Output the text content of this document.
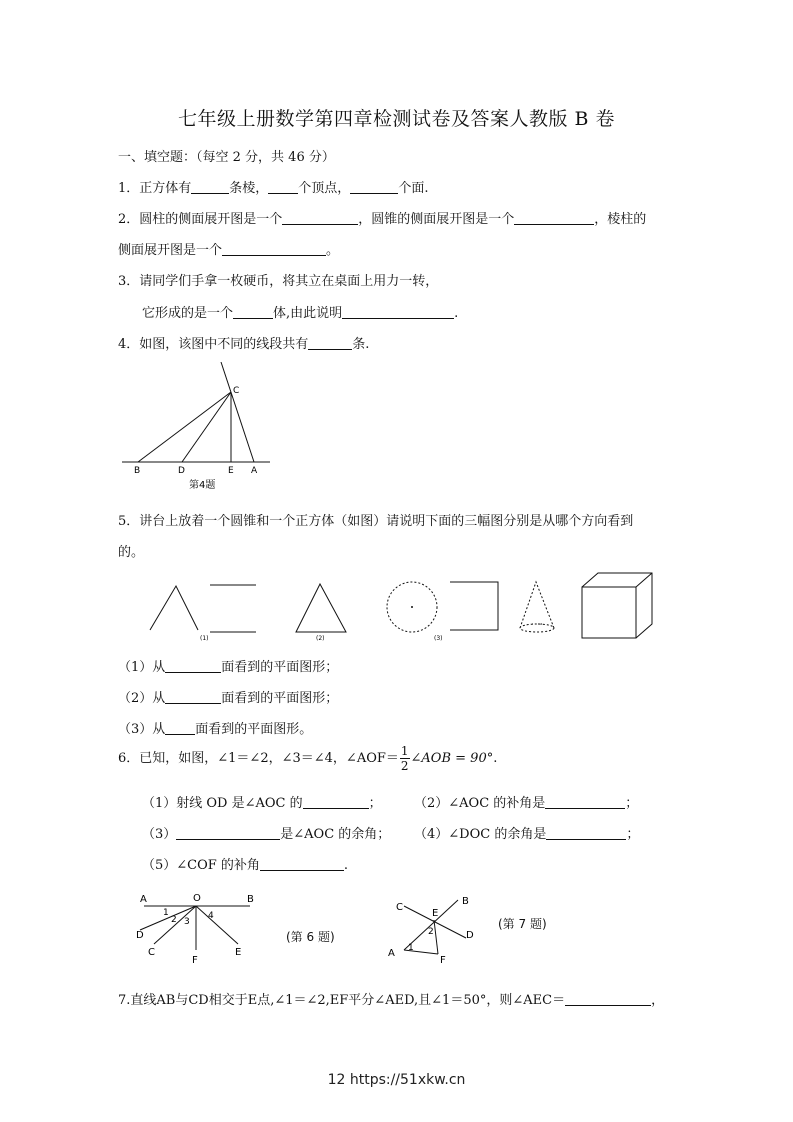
七年级上册数学第四章检测试卷及答案人教版 B 卷
一、填空题：（每空 2 分，共 46 分）
1．正方体有	条棱， 个顶点，	个面.
2．圆柱的侧面展开图是一个	，圆锥的侧面展开图是一个	，棱柱的
侧面展开图是一个	。
3．请同学们手拿一枚硬币，将其立在桌面上用力一转，
它形成的是一个	体,由此说明	.
4．如图，该图中不同的线段共有	条.
B	D	E A
C
第4题
5．讲台上放着一个圆锥和一个正方体（如图）请说明下面的三幅图分别是从哪个方向看到
的。
(1)	(2)	(3)
（1）从	面看到的平面图形；
（2）从	面看到的平面图形；
（3）从 面看到的平面图形。
6．已知，如图，∠1＝∠2，∠3＝∠4，∠AOF＝ $\frac{1}{2}$ ∠AOB = 90°.
（1）射线 OD 是∠AOC 的	； （2）∠AOC 的补角是	；
（3）	是∠AOC 的余角； （4）∠DOC 的余角是	；
（5）∠COF 的补角	.
A	O	B
1
2 3
4
D
C
F
E
(第 6 题)
C
B
E
2	D
A 1
F
(第 7 题)
7.直线AB与CD相交于E点,∠1＝∠2,EF平分∠AED,且∠1＝50°，则∠AEC＝	，
12 https://51xkw.cn
